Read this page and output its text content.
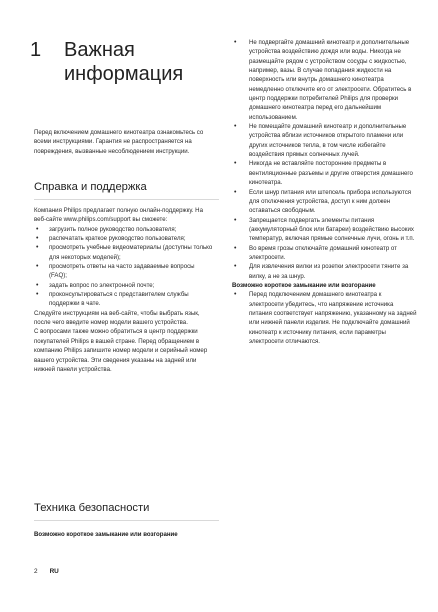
1 Важная информация

Перед включением домашнего кинотеатра ознакомьтесь со всеми инструкциями. Гарантия не распространяется на повреждения, вызванные несоблюдением инструкции.

Справка и поддержка

Компания Philips предлагает полную онлайн-поддержку. На веб-сайте www.philips.com/support вы сможете:

• загрузить полное руководство пользователя;
• распечатать краткое руководство пользователя;
• просмотреть учебные видеоматериалы (доступны только для некоторых моделей);
• просмотреть ответы на часто задаваемые вопросы (FAQ);
• задать вопрос по электронной почте;
• проконсультироваться с представителем службы поддержки в чате.

Следуйте инструкциям на веб-сайте, чтобы выбрать язык, после чего введите номер модели вашего устройства.

С вопросами также можно обратиться в центр поддержки покупателей Philips в вашей стране. Перед обращением в компанию Philips запишите номер модели и серийный номер вашего устройства. Эти сведения указаны на задней или нижней панели устройства.

Техника безопасности

Возможно короткое замыкание или возгорание

• Не подвергайте домашний кинотеатр и дополнительные устройства воздействию дождя или воды. Никогда не размещайте рядом с устройством сосуды с жидкостью, например, вазы. В случае попадания жидкости на поверхность или внутрь домашнего кинотеатра немедленно отключите его от электросети. Обратитесь в центр поддержки потребителей Philips для проверки домашнего кинотеатра перед его дальнейшим использованием.
• Не помещайте домашний кинотеатр и дополнительные устройства вблизи источников открытого пламени или других источников тепла, в том числе избегайте воздействия прямых солнечных лучей.
• Никогда не вставляйте посторонние предметы в вентиляционные разъемы и другие отверстия домашнего кинотеатра.
• Если шнур питания или штепсель прибора используются для отключения устройства, доступ к ним должен оставаться свободным.
• Запрещается подвергать элементы питания (аккумуляторный блок или батареи) воздействию высоких температур, включая прямые солнечные лучи, огонь и т.п.
• Во время грозы отключайте домашний кинотеатр от электросети.
• Для извлечения вилки из розетки электросети тяните за вилку, а не за шнур.

Возможно короткое замыкание или возгорание

• Перед подключением домашнего кинотеатра к электросети убедитесь, что напряжение источника питания соответствует напряжению, указанному на задней или нижней панели изделия. Не подключайте домашний кинотеатр к источнику питания, если параметры электросети отличаются.
2 RU
